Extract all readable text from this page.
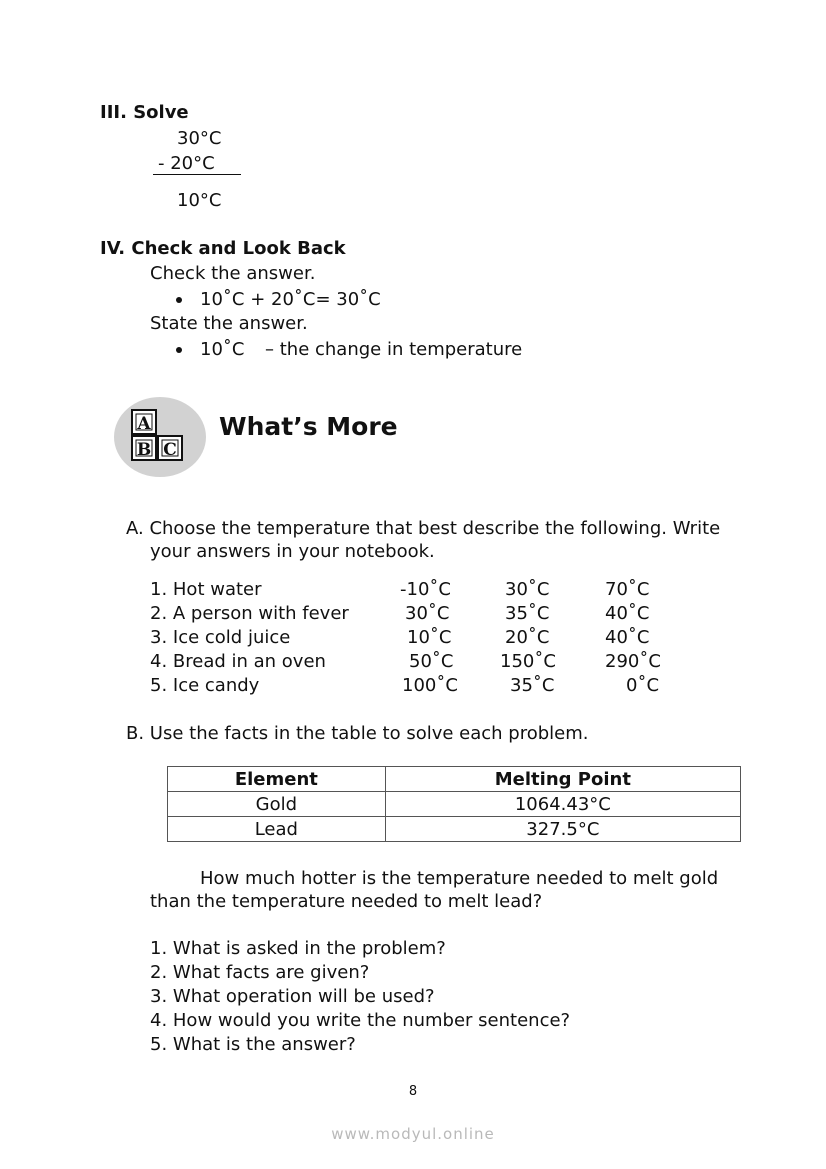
III. Solve
30°C
- 20°C
10°C
IV. Check and Look Back
Check the answer.
10˚C + 20˚C= 30˚C
State the answer.
10˚C – the change in temperature
A
B C
What’s More
A. Choose the temperature that best describe the following. Write
your answers in your notebook.
1. Hot water	-10˚C	30˚C	70˚C
2. A person with fever	30˚C	35˚C	40˚C
3. Ice cold juice	10˚C	20˚C	40˚C
4. Bread in an oven	50˚C	150˚C	290˚C
5. Ice candy	100˚C	35˚C	0˚C
B. Use the facts in the table to solve each problem.
Element	Melting Point
Gold	1064.43°C
Lead	327.5°C
How much hotter is the temperature needed to melt gold
than the temperature needed to melt lead?
1. What is asked in the problem?
2. What facts are given?
3. What operation will be used?
4. How would you write the number sentence?
5. What is the answer?
8
www.modyul.online
